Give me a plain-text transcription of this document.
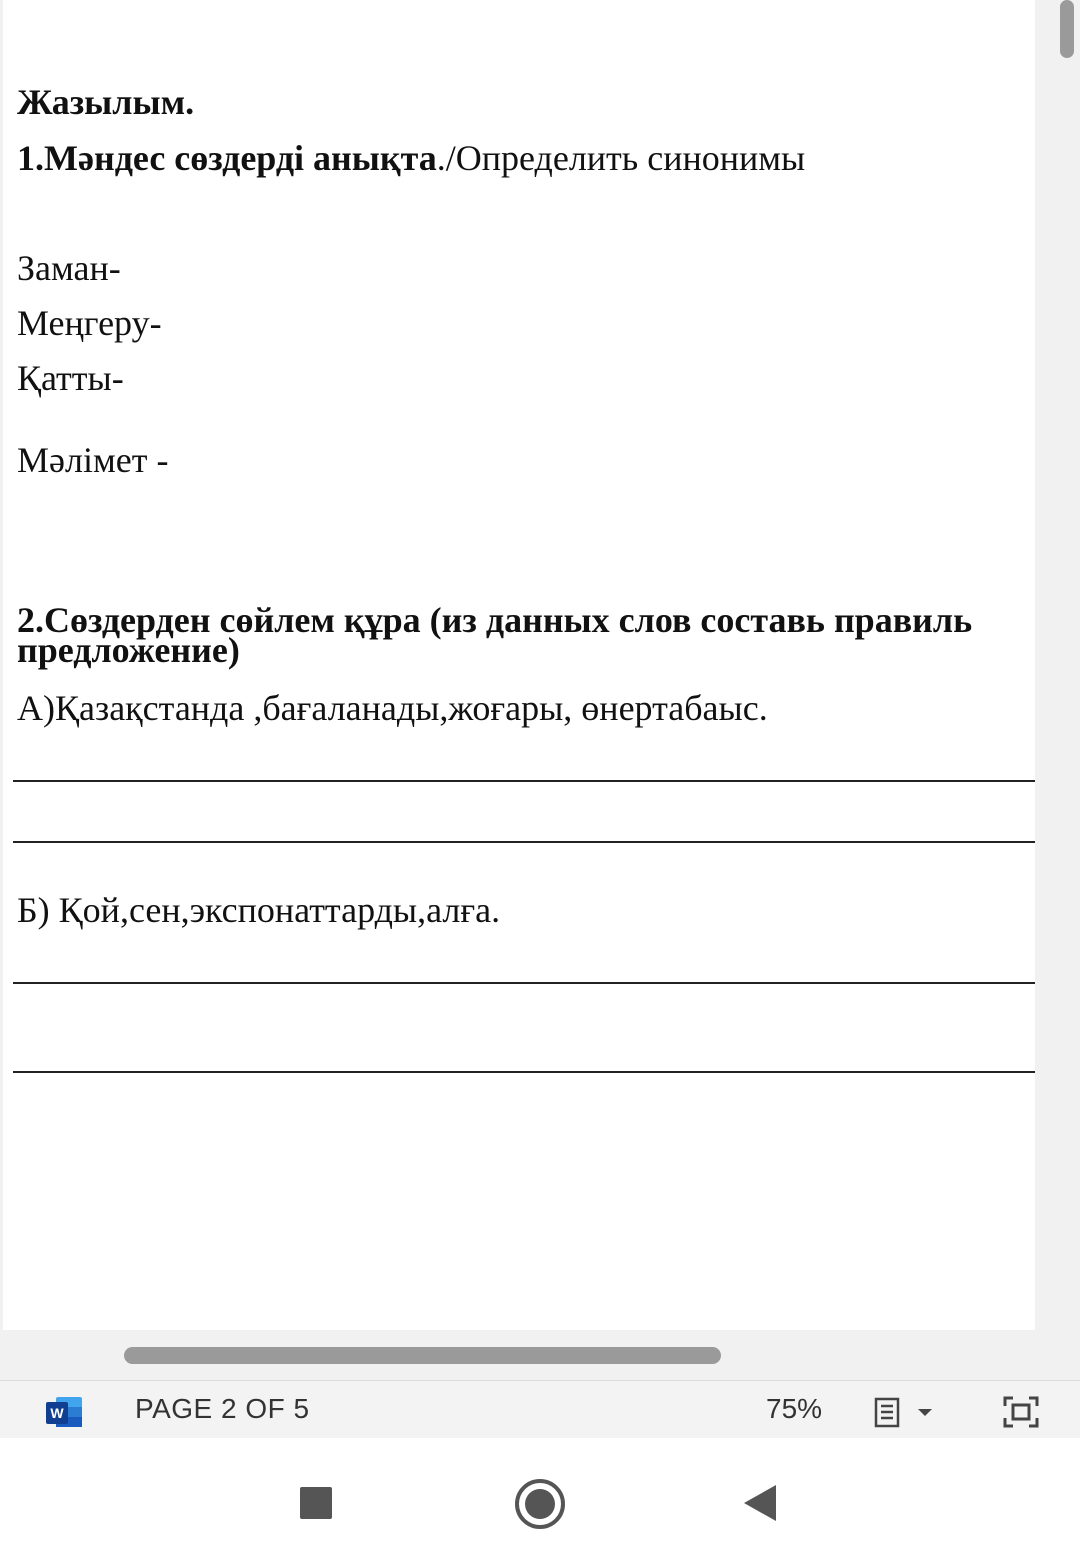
Жазылым.

1.Мәндес сөздерді анықта./Определить синонимы

Заман-

Меңгеру-

Қатты-

Мәлімет -

2.Сөздерден сөйлем құра (из данных слов составь правиль

предложение)

А)Қазақстанда ,бағаланады,жоғары, өнертабаыс.

Б) Қой,сен,экспонаттарды,алға.

W	PAGE 2 OF 5	75%
